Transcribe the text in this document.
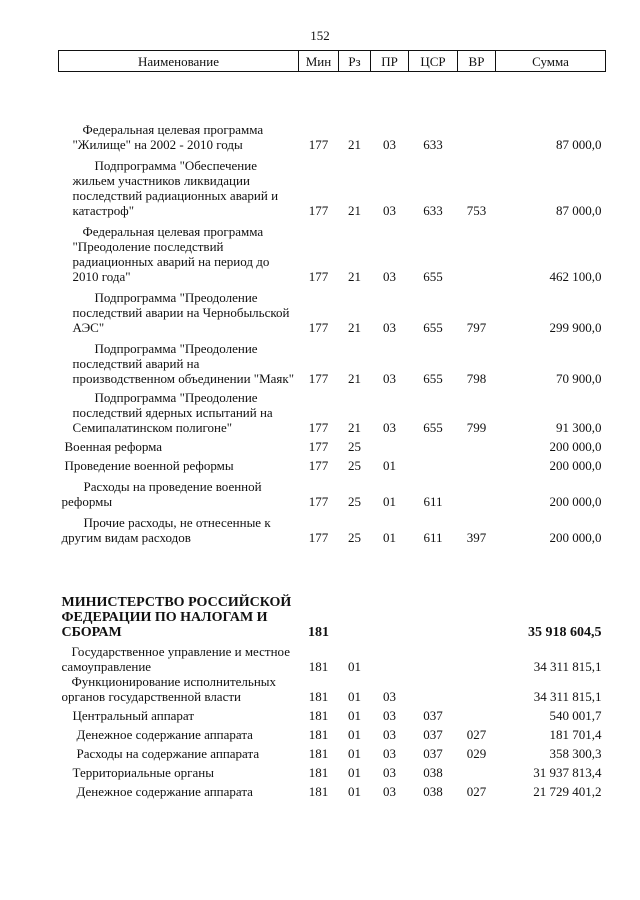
152
Наименование	Мин	Рз	ПР	ЦСР	ВР	Сумма
Федеральная целевая программа "Жилище" на 2002 - 2010 годы	177	21	03	633		87 000,0
Подпрограмма "Обеспечение жильем участников ликвидации последствий радиационных аварий и катастроф"	177	21	03	633	753	87 000,0
Федеральная целевая программа "Преодоление последствий радиационных аварий на период до 2010 года"	177	21	03	655		462 100,0
Подпрограмма "Преодоление последствий аварии на Чернобыльской АЭС"	177	21	03	655	797	299 900,0
Подпрограмма "Преодоление последствий аварий на производственном объединении "Маяк"	177	21	03	655	798	70 900,0
Подпрограмма "Преодоление последствий ядерных испытаний на Семипалатинском полигоне"	177	21	03	655	799	91 300,0
Военная реформа	177	25				200 000,0
Проведение военной реформы	177	25	01			200 000,0
Расходы на проведение военной реформы	177	25	01	611		200 000,0
Прочие расходы, не отнесенные к другим видам расходов	177	25	01	611	397	200 000,0
МИНИСТЕРСТВО РОССИЙСКОЙ ФЕДЕРАЦИИ ПО НАЛОГАМ И СБОРАМ	181					35 918 604,5
Государственное управление и местное самоуправление	181	01				34 311 815,1
Функционирование исполнительных органов государственной власти	181	01	03			34 311 815,1
Центральный аппарат	181	01	03	037		540 001,7
Денежное содержание аппарата	181	01	03	037	027	181 701,4
Расходы на содержание аппарата	181	01	03	037	029	358 300,3
Территориальные органы	181	01	03	038		31 937 813,4
Денежное содержание аппарата	181	01	03	038	027	21 729 401,2
